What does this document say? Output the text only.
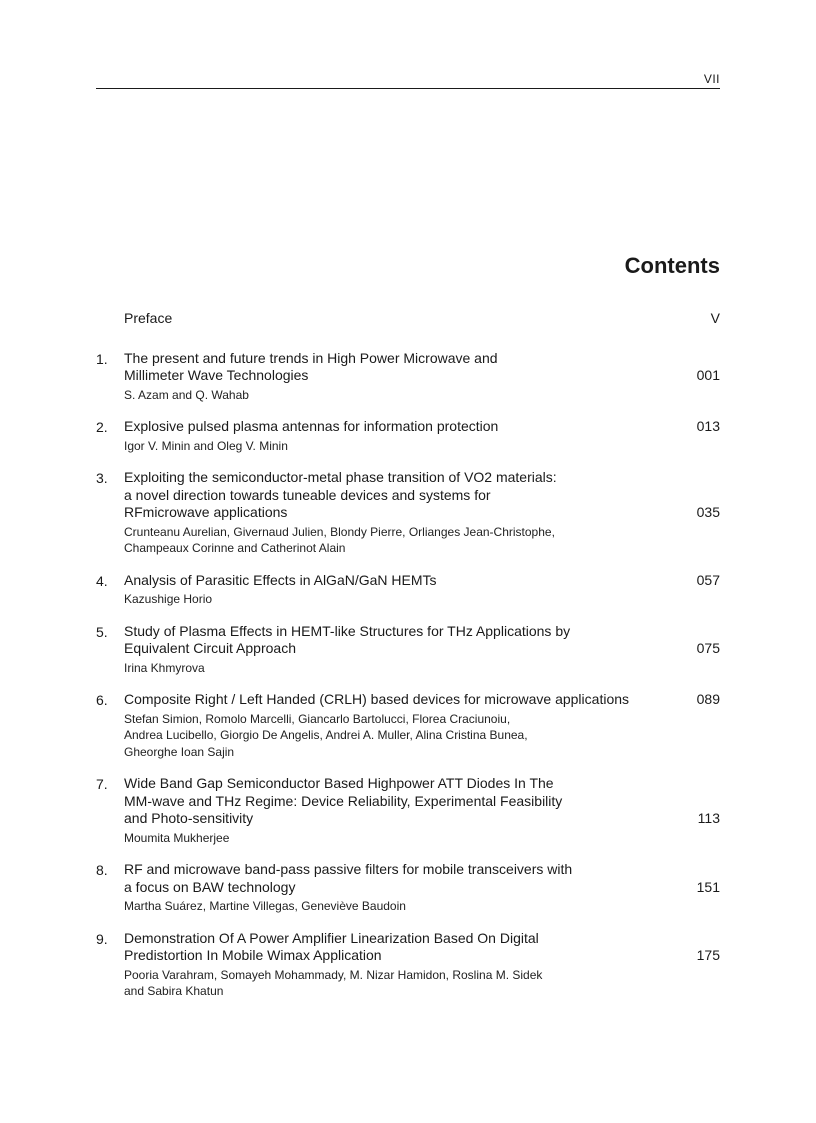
VII
Contents
Preface	V
1.	The present and future trends in High Power Microwave and
Millimeter Wave Technologies	001
S. Azam and Q. Wahab
2.	Explosive pulsed plasma antennas for information protection	013
Igor V. Minin and Oleg V. Minin
3.	Exploiting the semiconductor-metal phase transition of VO2 materials:
a novel direction towards tuneable devices and systems for
RFmicrowave applications	035
Crunteanu Aurelian, Givernaud Julien, Blondy Pierre, Orlianges Jean-Christophe,
Champeaux Corinne and Catherinot Alain
4.	Analysis of Parasitic Effects in AlGaN/GaN HEMTs	057
Kazushige Horio
5.	Study of Plasma Effects in HEMT-like Structures for THz Applications by
Equivalent Circuit Approach	075
Irina Khmyrova
6.	Composite Right / Left Handed (CRLH) based devices for microwave applications	089
Stefan Simion, Romolo Marcelli, Giancarlo Bartolucci, Florea Craciunoiu,
Andrea Lucibello, Giorgio De Angelis, Andrei A. Muller, Alina Cristina Bunea,
Gheorghe Ioan Sajin
7.	Wide Band Gap Semiconductor Based Highpower ATT Diodes In The
MM-wave and THz Regime: Device Reliability, Experimental Feasibility
and Photo-sensitivity	113
Moumita Mukherjee
8.	RF and microwave band-pass passive filters for mobile transceivers with
a focus on BAW technology	151
Martha Suárez, Martine Villegas, Geneviève Baudoin
9.	Demonstration Of A Power Amplifier Linearization Based On Digital
Predistortion In Mobile Wimax Application	175
Pooria Varahram, Somayeh Mohammady, M. Nizar Hamidon, Roslina M. Sidek
and Sabira Khatun
